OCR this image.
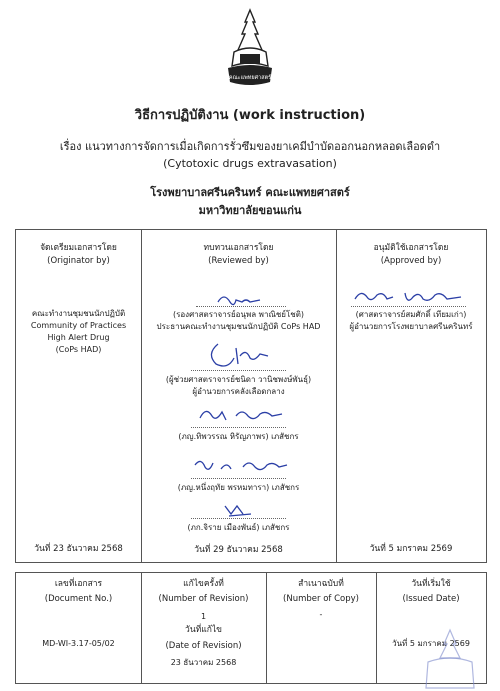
คณะแพทยศาสตร์
วิธีการปฏิบัติงาน (work instruction)
เรื่อง แนวทางการจัดการเมื่อเกิดการรั่วซึมของยาเคมีบำบัดออกนอกหลอดเลือดดำ
(Cytotoxic drugs extravasation)
โรงพยาบาลศรีนครินทร์ คณะแพทยศาสตร์
มหาวิทยาลัยขอนแก่น
จัดเตรียมเอกสารโดย
(Originator by)
คณะทำงานชุมชนนักปฏิบัติ
Community of Practices
High Alert Drug
(CoPs HAD)
วันที่ 23 ธันวาคม 2568
ทบทวนเอกสารโดย
(Reviewed by)
(รองศาสตราจารย์อนุพล พาณิชย์โชติ)
ประธานคณะทำงานชุมชนนักปฏิบัติ CoPs HAD
(ผู้ช่วยศาสตราจารย์ชนิดา วานิชพงษ์พันธุ์)
ผู้อำนวยการคลังเลือดกลาง
(ภญ.ทิพวรรณ หิรัญภาพร) เภสัชกร
(ภญ.หนึ่งฤทัย พรหมทารา) เภสัชกร
(ภก.จิราย เมืองพันธ์) เภสัชกร
วันที่ 29 ธันวาคม 2568
อนุมัติใช้เอกสารโดย
(Approved by)
(ศาสตราจารย์สมศักดิ์ เทียมเก่า)
ผู้อำนวยการโรงพยาบาลศรีนครินทร์
วันที่ 5 มกราคม 2569
เลขที่เอกสาร
(Document No.)
MD-WI-3.17-05/02
แก้ไขครั้งที่
(Number of Revision)
1
วันที่แก้ไข
(Date of Revision)
23 ธันวาคม 2568
สำเนาฉบับที่
(Number of Copy)
-
วันที่เริ่มใช้
(Issued Date)
วันที่ 5 มกราคม 2569
